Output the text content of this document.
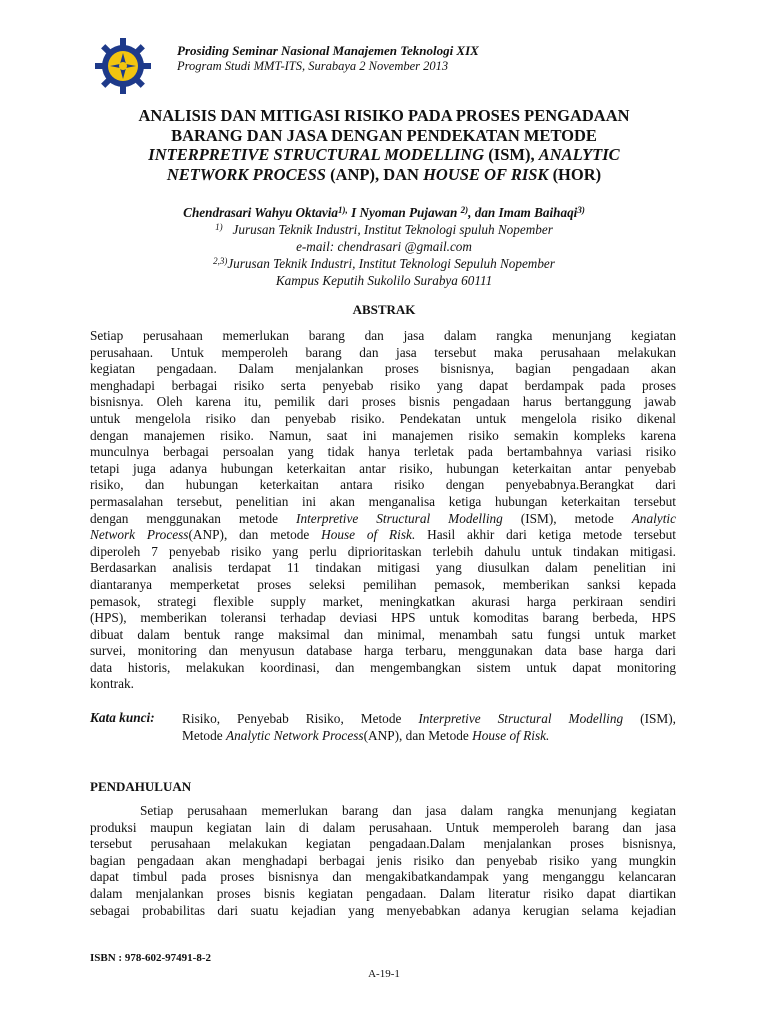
Prosiding Seminar Nasional Manajemen Teknologi XIX
Program Studi MMT-ITS, Surabaya 2 November 2013
ANALISIS DAN MITIGASI RISIKO PADA PROSES PENGADAAN
BARANG DAN JASA DENGAN PENDEKATAN METODE
INTERPRETIVE STRUCTURAL MODELLING (ISM), ANALYTIC
NETWORK PROCESS (ANP), DAN HOUSE OF RISK (HOR)
Chendrasari Wahyu Oktavia$^{1),}$ I Nyoman Pujawan $^{2)}$, dan Imam Baihaqi$^{3)}$
$^{1)}$ Jurusan Teknik Industri, Institut Teknologi spuluh Nopember
e-mail: chendrasari @gmail.com
$^{2,3)}$Jurusan Teknik Industri, Institut Teknologi Sepuluh Nopember
Kampus Keputih Sukolilo Surabya 60111
ABSTRAK
Setiap perusahaan memerlukan barang dan jasa dalam rangka menunjang kegiatan
perusahaan. Untuk memperoleh barang dan jasa tersebut maka perusahaan melakukan
kegiatan pengadaan. Dalam menjalankan proses bisnisnya, bagian pengadaan akan
menghadapi berbagai risiko serta penyebab risiko yang dapat berdampak pada proses
bisnisnya. Oleh karena itu, pemilik dari proses bisnis pengadaan harus bertanggung jawab
untuk mengelola risiko dan penyebab risiko. Pendekatan untuk mengelola risiko dikenal
dengan manajemen risiko. Namun, saat ini manajemen risiko semakin kompleks karena
munculnya berbagai persoalan yang tidak hanya terletak pada bertambahnya variasi risiko
tetapi juga adanya hubungan keterkaitan antar risiko, hubungan keterkaitan antar penyebab
risiko, dan hubungan keterkaitan antara risiko dengan penyebabnya.Berangkat dari
permasalahan tersebut, penelitian ini akan menganalisa ketiga hubungan keterkaitan tersebut
dengan menggunakan metode Interpretive Structural Modelling (ISM), metode Analytic
Network Process(ANP), dan metode House of Risk. Hasil akhir dari ketiga metode tersebut
diperoleh 7 penyebab risiko yang perlu diprioritaskan terlebih dahulu untuk tindakan mitigasi.
Berdasarkan analisis terdapat 11 tindakan mitigasi yang diusulkan dalam penelitian ini
diantaranya memperketat proses seleksi pemilihan pemasok, memberikan sanksi kepada
pemasok, strategi flexible supply market, meningkatkan akurasi harga perkiraan sendiri
(HPS), memberikan toleransi terhadap deviasi HPS untuk komoditas barang berbeda, HPS
dibuat dalam bentuk range maksimal dan minimal, menambah satu fungsi untuk market
survei, monitoring dan menyusun database harga terbaru, menggunakan data base harga dari
data historis, melakukan koordinasi, dan mengembangkan sistem untuk dapat monitoring
kontrak.
Kata kunci: Risiko, Penyebab Risiko, Metode Interpretive Structural Modelling (ISM),
Metode Analytic Network Process(ANP), dan Metode House of Risk.
PENDAHULUAN
Setiap perusahaan memerlukan barang dan jasa dalam rangka menunjang kegiatan
produksi maupun kegiatan lain di dalam perusahaan. Untuk memperoleh barang dan jasa
tersebut perusahaan melakukan kegiatan pengadaan.Dalam menjalankan proses bisnisnya,
bagian pengadaan akan menghadapi berbagai jenis risiko dan penyebab risiko yang mungkin
dapat timbul pada proses bisnisnya dan mengakibatkandampak yang menganggu kelancaran
dalam menjalankan proses bisnis kegiatan pengadaan. Dalam literatur risiko dapat diartikan
sebagai probabilitas dari suatu kejadian yang menyebabkan adanya kerugian selama kejadian
ISBN : 978-602-97491-8-2
A-19-1
